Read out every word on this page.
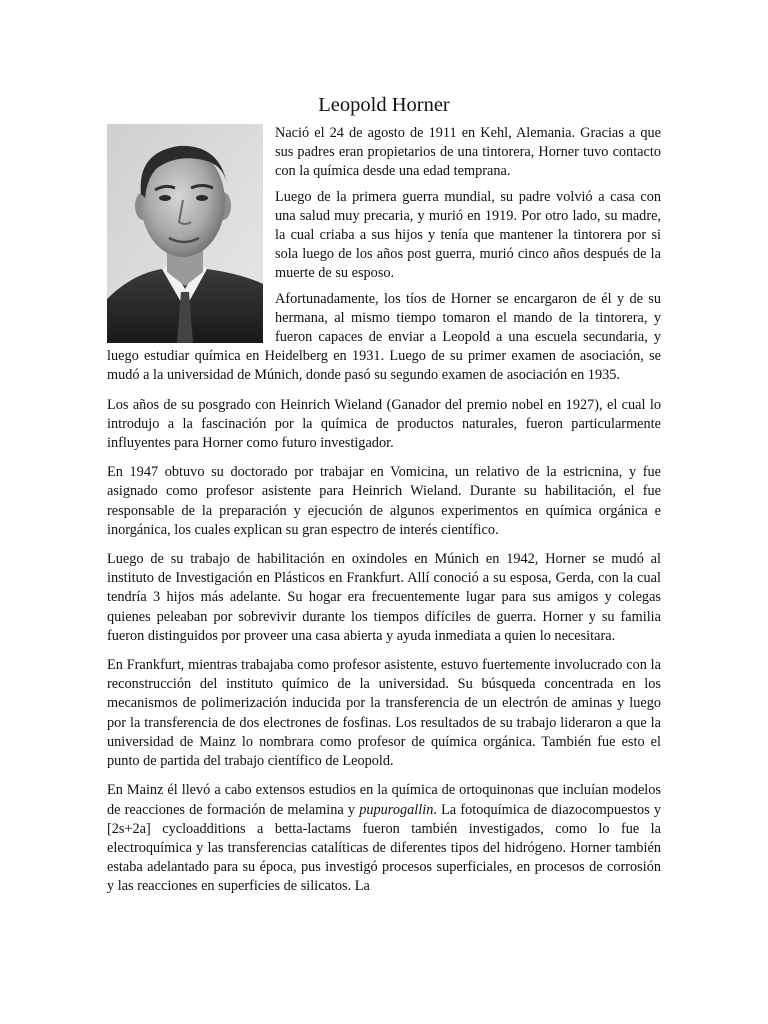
Leopold Horner

Nació el 24 de agosto de 1911 en Kehl, Alemania. Gracias a que sus padres eran propietarios de una tintorera, Horner tuvo contacto con la química desde una edad temprana.

Luego de la primera guerra mundial, su padre volvió a casa con una salud muy precaria, y murió en 1919. Por otro lado, su madre, la cual criaba a sus hijos y tenía que mantener la tintorera por si sola luego de los años post guerra, murió cinco años después de la muerte de su esposo.

Afortunadamente, los tíos de Horner se encargaron de él y de su hermana, al mismo tiempo tomaron el mando de la tintorera, y fueron capaces de enviar a Leopold a una escuela secundaria, y luego estudiar química en Heidelberg en 1931. Luego de su primer examen de asociación, se mudó a la universidad de Múnich, donde pasó su segundo examen de asociación en 1935.

Los años de su posgrado con Heinrich Wieland (Ganador del premio nobel en 1927), el cual lo introdujo a la fascinación por la química de productos naturales, fueron particularmente influyentes para Horner como futuro investigador.

En 1947 obtuvo su doctorado por trabajar en Vomicina, un relativo de la estricnina, y fue asignado como profesor asistente para Heinrich Wieland. Durante su habilitación, el fue responsable de la preparación y ejecución de algunos experimentos en química orgánica e inorgánica, los cuales explican su gran espectro de interés científico.

Luego de su trabajo de habilitación en oxindoles en Múnich en 1942, Horner se mudó al instituto de Investigación en Plásticos en Frankfurt. Allí conoció a su esposa, Gerda, con la cual tendría 3 hijos más adelante. Su hogar era frecuentemente lugar para sus amigos y colegas quienes peleaban por sobrevivir durante los tiempos difíciles de guerra. Horner y su familia fueron distinguidos por proveer una casa abierta y ayuda inmediata a quien lo necesitara.

En Frankfurt, mientras trabajaba como profesor asistente, estuvo fuertemente involucrado con la reconstrucción del instituto químico de la universidad. Su búsqueda concentrada en los mecanismos de polimerización inducida por la transferencia de un electrón de aminas y luego por la transferencia de dos electrones de fosfinas. Los resultados de su trabajo lideraron a que la universidad de Mainz lo nombrara como profesor de química orgánica. También fue esto el punto de partida del trabajo científico de Leopold.

En Mainz él llevó a cabo extensos estudios en la química de ortoquinonas que incluían modelos de reacciones de formación de melamina y pupurogallin. La fotoquímica de diazocompuestos y [2s+2a] cycloadditions a betta-lactams fueron también investigados, como lo fue la electroquímica y las transferencias catalíticas de diferentes tipos del hidrógeno. Horner también estaba adelantado para su época, pus investigó procesos superficiales, en procesos de corrosión y las reacciones en superficies de silicatos. La
